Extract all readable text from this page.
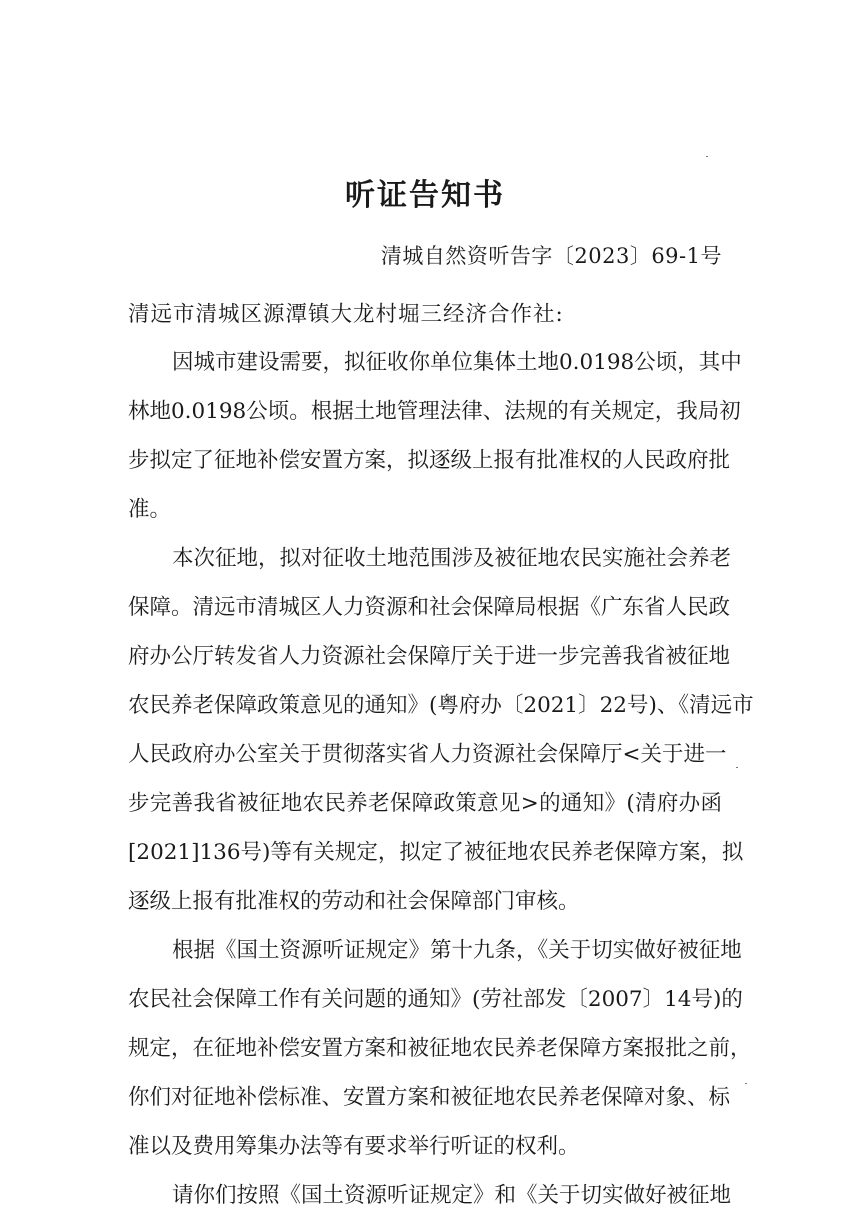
听证告知书
清城自然资听告字〔2023〕69-1号
清远市清城区源潭镇大龙村堀三经济合作社:
因城市建设需要，拟征收你单位集体土地0.0198公顷，其中
林地0.0198公顷。根据土地管理法律、法规的有关规定，我局初
步拟定了征地补偿安置方案，拟逐级上报有批准权的人民政府批
准。
本次征地，拟对征收土地范围涉及被征地农民实施社会养老
保障。清远市清城区人力资源和社会保障局根据《广东省人民政
府办公厅转发省人力资源社会保障厅关于进一步完善我省被征地
农民养老保障政策意见的通知》(粤府办〔2021〕22号)、《清远市
人民政府办公室关于贯彻落实省人力资源社会保障厅<关于进一
步完善我省被征地农民养老保障政策意见>的通知》(清府办函
[2021]136号)等有关规定，拟定了被征地农民养老保障方案，拟
逐级上报有批准权的劳动和社会保障部门审核。
根据《国土资源听证规定》第十九条，《关于切实做好被征地
农民社会保障工作有关问题的通知》(劳社部发〔2007〕14号)的
规定，在征地补偿安置方案和被征地农民养老保障方案报批之前，
你们对征地补偿标准、安置方案和被征地农民养老保障对象、标
准以及费用筹集办法等有要求举行听证的权利。
请你们按照《国土资源听证规定》和《关于切实做好被征地
